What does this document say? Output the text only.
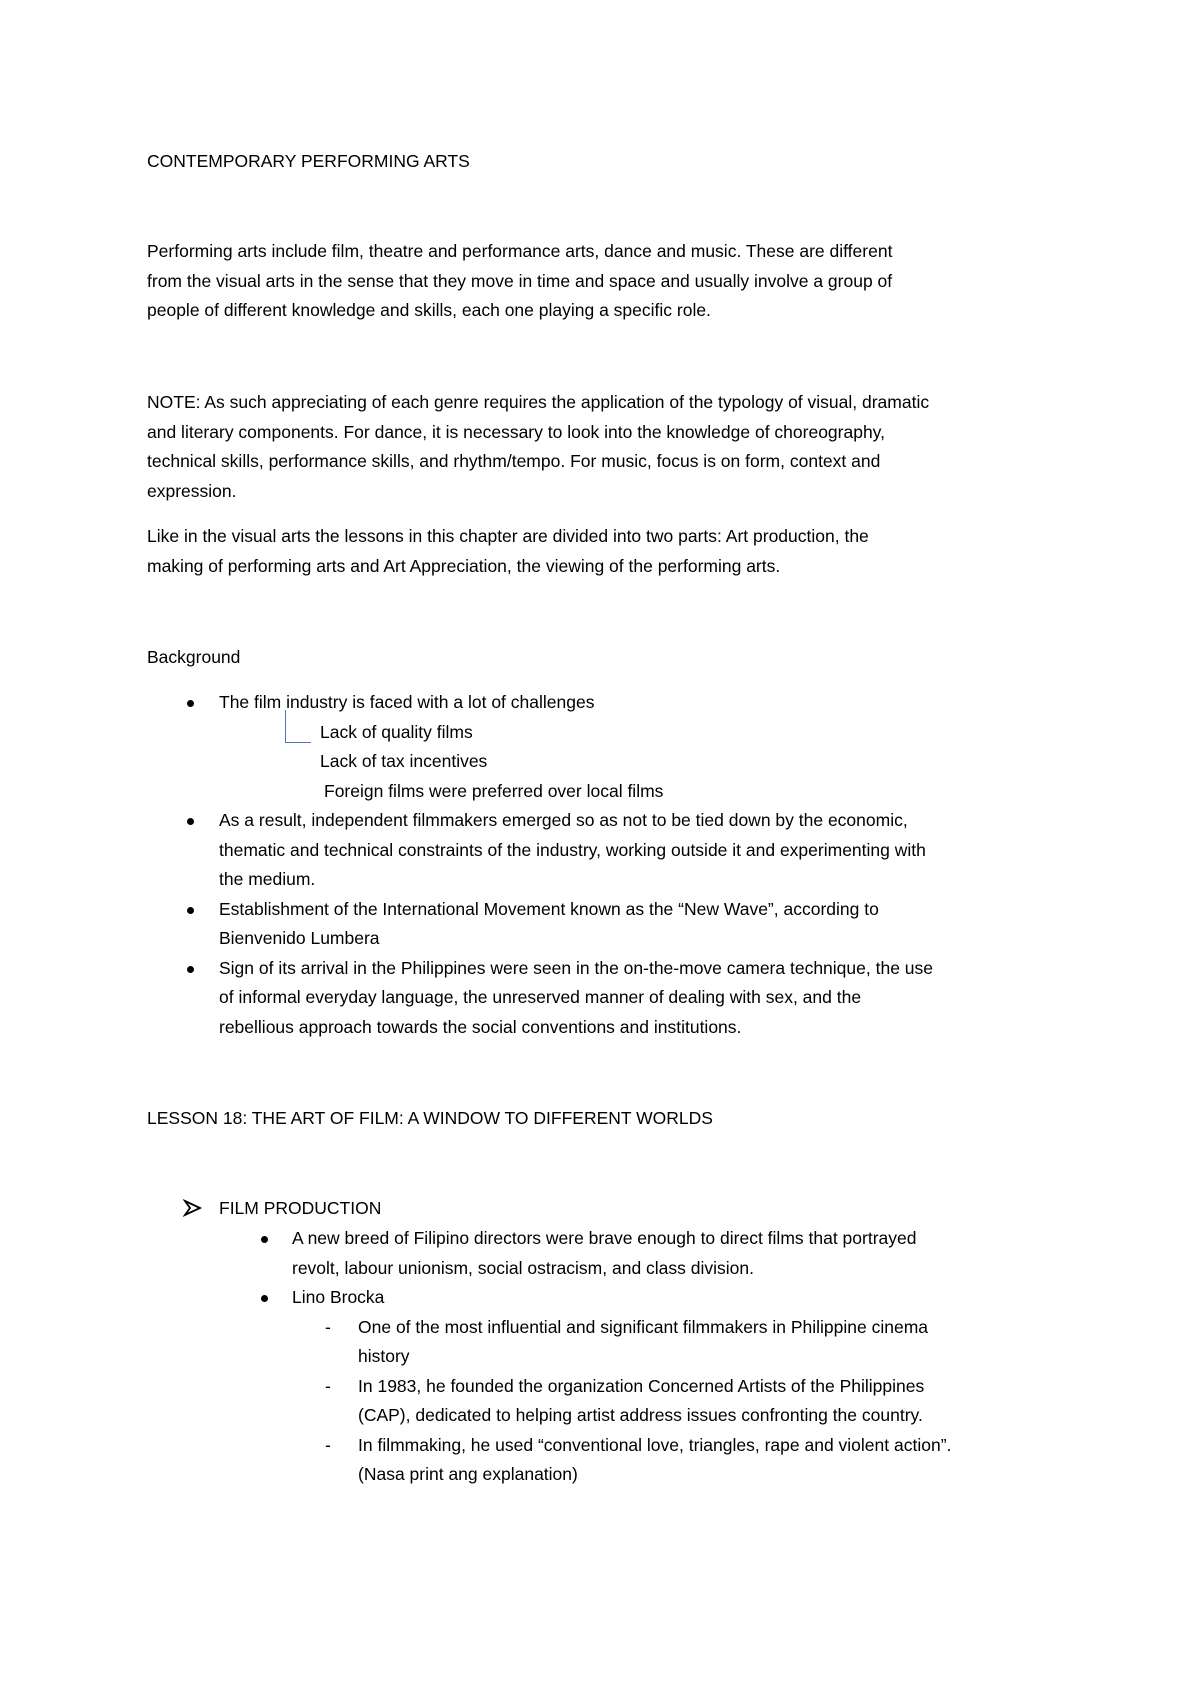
CONTEMPORARY PERFORMING ARTS
Performing arts include film, theatre and performance arts, dance and music. These are different
from the visual arts in the sense that they move in time and space and usually involve a group of
people of different knowledge and skills, each one playing a specific role.
NOTE: As such appreciating of each genre requires the application of the typology of visual, dramatic
and literary components. For dance, it is necessary to look into the knowledge of choreography,
technical skills, performance skills, and rhythm/tempo. For music, focus is on form, context and
expression.
Like in the visual arts the lessons in this chapter are divided into two parts: Art production, the
making of performing arts and Art Appreciation, the viewing of the performing arts.
Background
The film industry is faced with a lot of challenges
Lack of quality films
Lack of tax incentives
Foreign films were preferred over local films
As a result, independent filmmakers emerged so as not to be tied down by the economic,
thematic and technical constraints of the industry, working outside it and experimenting with
the medium.
Establishment of the International Movement known as the “New Wave”, according to
Bienvenido Lumbera
Sign of its arrival in the Philippines were seen in the on-the-move camera technique, the use
of informal everyday language, the unreserved manner of dealing with sex, and the
rebellious approach towards the social conventions and institutions.
LESSON 18: THE ART OF FILM: A WINDOW TO DIFFERENT WORLDS
FILM PRODUCTION
A new breed of Filipino directors were brave enough to direct films that portrayed
revolt, labour unionism, social ostracism, and class division.
Lino Brocka
- One of the most influential and significant filmmakers in Philippine cinema
history
- In 1983, he founded the organization Concerned Artists of the Philippines
(CAP), dedicated to helping artist address issues confronting the country.
- In filmmaking, he used “conventional love, triangles, rape and violent action”.
(Nasa print ang explanation)
